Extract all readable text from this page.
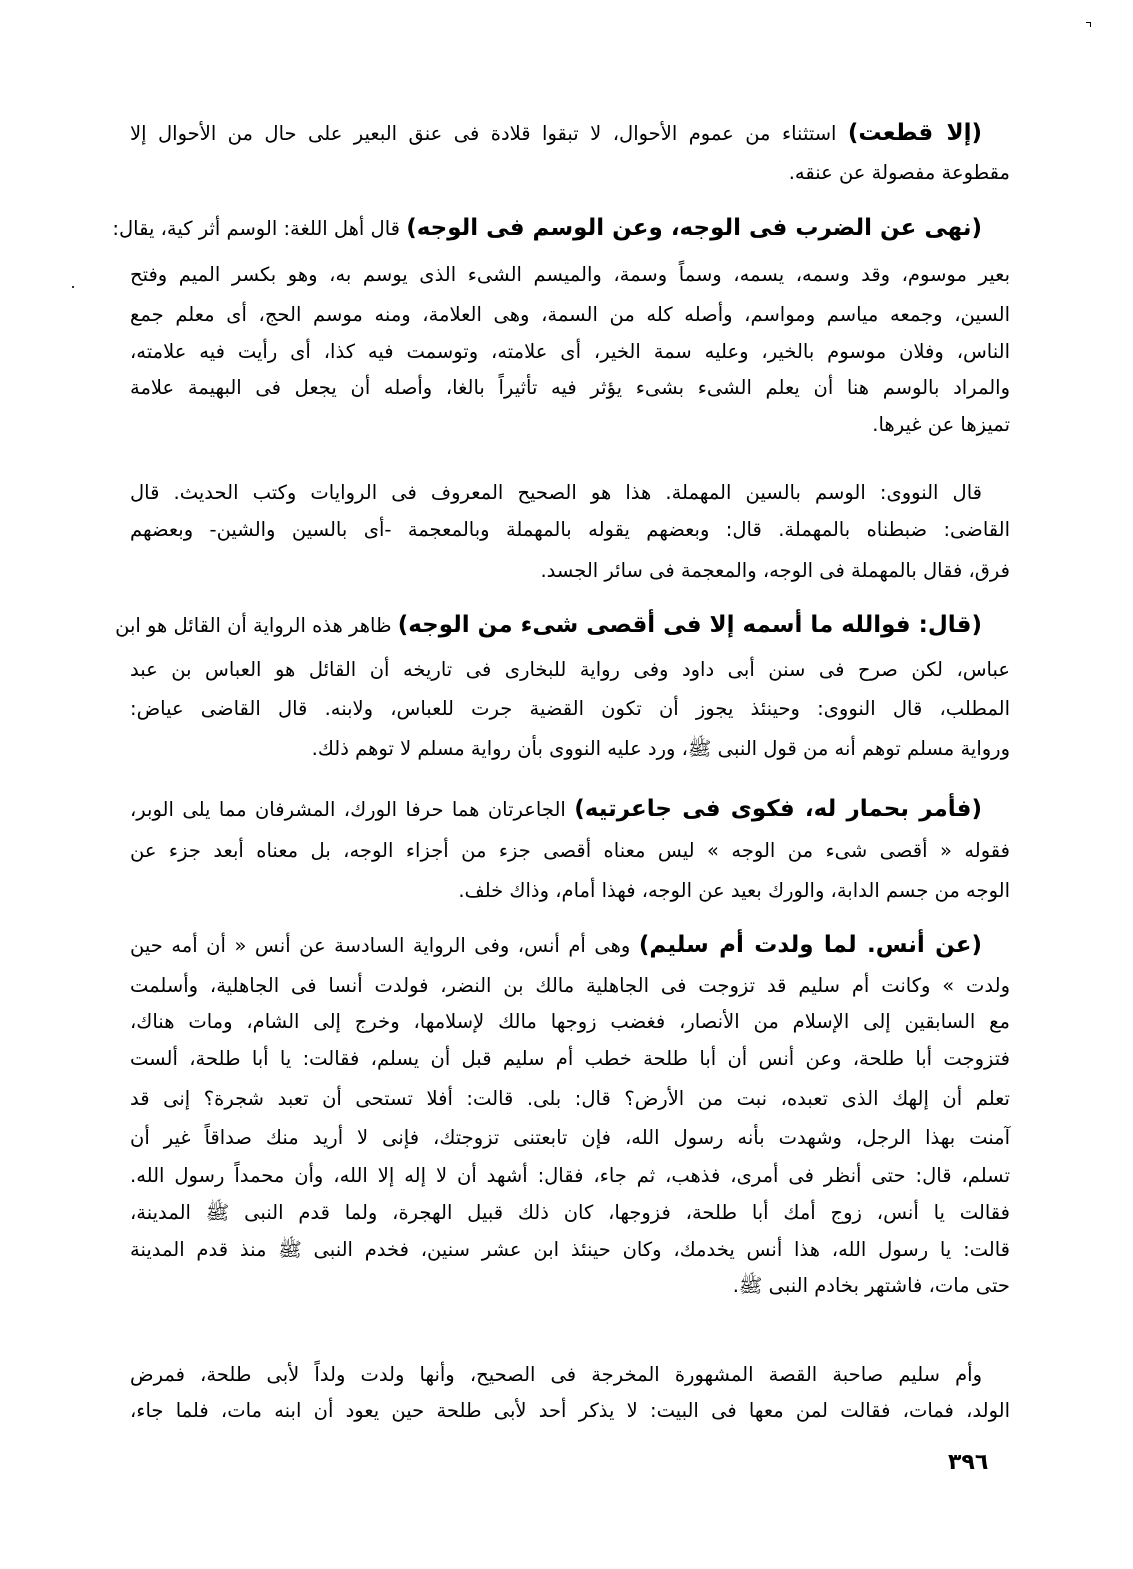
(إلا قطعت) استثناء من عموم الأحوال، لا تبقوا قلادة فى عنق البعير على حال من الأحوال إلا
مقطوعة مفصولة عن عنقه.
(نهى عن الضرب فى الوجه، وعن الوسم فى الوجه) قال أهل اللغة: الوسم أثر كية، يقال:
بعير موسوم، وقد وسمه، يسمه، وسماً وسمة، والميسم الشىء الذى يوسم به، وهو بكسر الميم وفتح
السين، وجمعه مياسم ومواسم، وأصله كله من السمة، وهى العلامة، ومنه موسم الحج، أى معلم جمع
الناس، وفلان موسوم بالخير، وعليه سمة الخير، أى علامته، وتوسمت فيه كذا، أى رأيت فيه علامته،
والمراد بالوسم هنا أن يعلم الشىء بشىء يؤثر فيه تأثيراً بالغا، وأصله أن يجعل فى البهيمة علامة
تميزها عن غيرها.
قال النووى: الوسم بالسين المهملة. هذا هو الصحيح المعروف فى الروايات وكتب الحديث. قال
القاضى: ضبطناه بالمهملة. قال: وبعضهم يقوله بالمهملة وبالمعجمة -أى بالسين والشين- وبعضهم
فرق، فقال بالمهملة فى الوجه، والمعجمة فى سائر الجسد.
(قال: فوالله ما أسمه إلا فى أقصى شىء من الوجه) ظاهر هذه الرواية أن القائل هو ابن
عباس، لكن صرح فى سنن أبى داود وفى رواية للبخارى فى تاريخه أن القائل هو العباس بن عبد
المطلب، قال النووى: وحينئذ يجوز أن تكون القضية جرت للعباس، ولابنه. قال القاضى عياض:
ورواية مسلم توهم أنه من قول النبى ﷺ، ورد عليه النووى بأن رواية مسلم لا توهم ذلك.
(فأمر بحمار له، فكوى فى جاعرتيه) الجاعرتان هما حرفا الورك، المشرفان مما يلى الوبر،
فقوله « أقصى شىء من الوجه » ليس معناه أقصى جزء من أجزاء الوجه، بل معناه أبعد جزء عن
الوجه من جسم الدابة، والورك بعيد عن الوجه، فهذا أمام، وذاك خلف.
(عن أنس. لما ولدت أم سليم) وهى أم أنس، وفى الرواية السادسة عن أنس « أن أمه حين
ولدت » وكانت أم سليم قد تزوجت فى الجاهلية مالك بن النضر، فولدت أنسا فى الجاهلية، وأسلمت
مع السابقين إلى الإسلام من الأنصار، فغضب زوجها مالك لإسلامها، وخرج إلى الشام، ومات هناك،
فتزوجت أبا طلحة، وعن أنس أن أبا طلحة خطب أم سليم قبل أن يسلم، فقالت: يا أبا طلحة، ألست
تعلم أن إلهك الذى تعبده، نبت من الأرض؟ قال: بلى. قالت: أفلا تستحى أن تعبد شجرة؟ إنى قد
آمنت بهذا الرجل، وشهدت بأنه رسول الله، فإن تابعتنى تزوجتك، فإنى لا أريد منك صداقاً غير أن
تسلم، قال: حتى أنظر فى أمرى، فذهب، ثم جاء، فقال: أشهد أن لا إله إلا الله، وأن محمداً رسول الله.
فقالت يا أنس، زوج أمك أبا طلحة، فزوجها، كان ذلك قبيل الهجرة، ولما قدم النبى ﷺ المدينة،
قالت: يا رسول الله، هذا أنس يخدمك، وكان حينئذ ابن عشر سنين، فخدم النبى ﷺ منذ قدم المدينة
حتى مات، فاشتهر بخادم النبى ﷺ.
وأم سليم صاحبة القصة المشهورة المخرجة فى الصحيح، وأنها ولدت ولداً لأبى طلحة، فمرض
الولد، فمات، فقالت لمن معها فى البيت: لا يذكر أحد لأبى طلحة حين يعود أن ابنه مات، فلما جاء،
٣٩٦
